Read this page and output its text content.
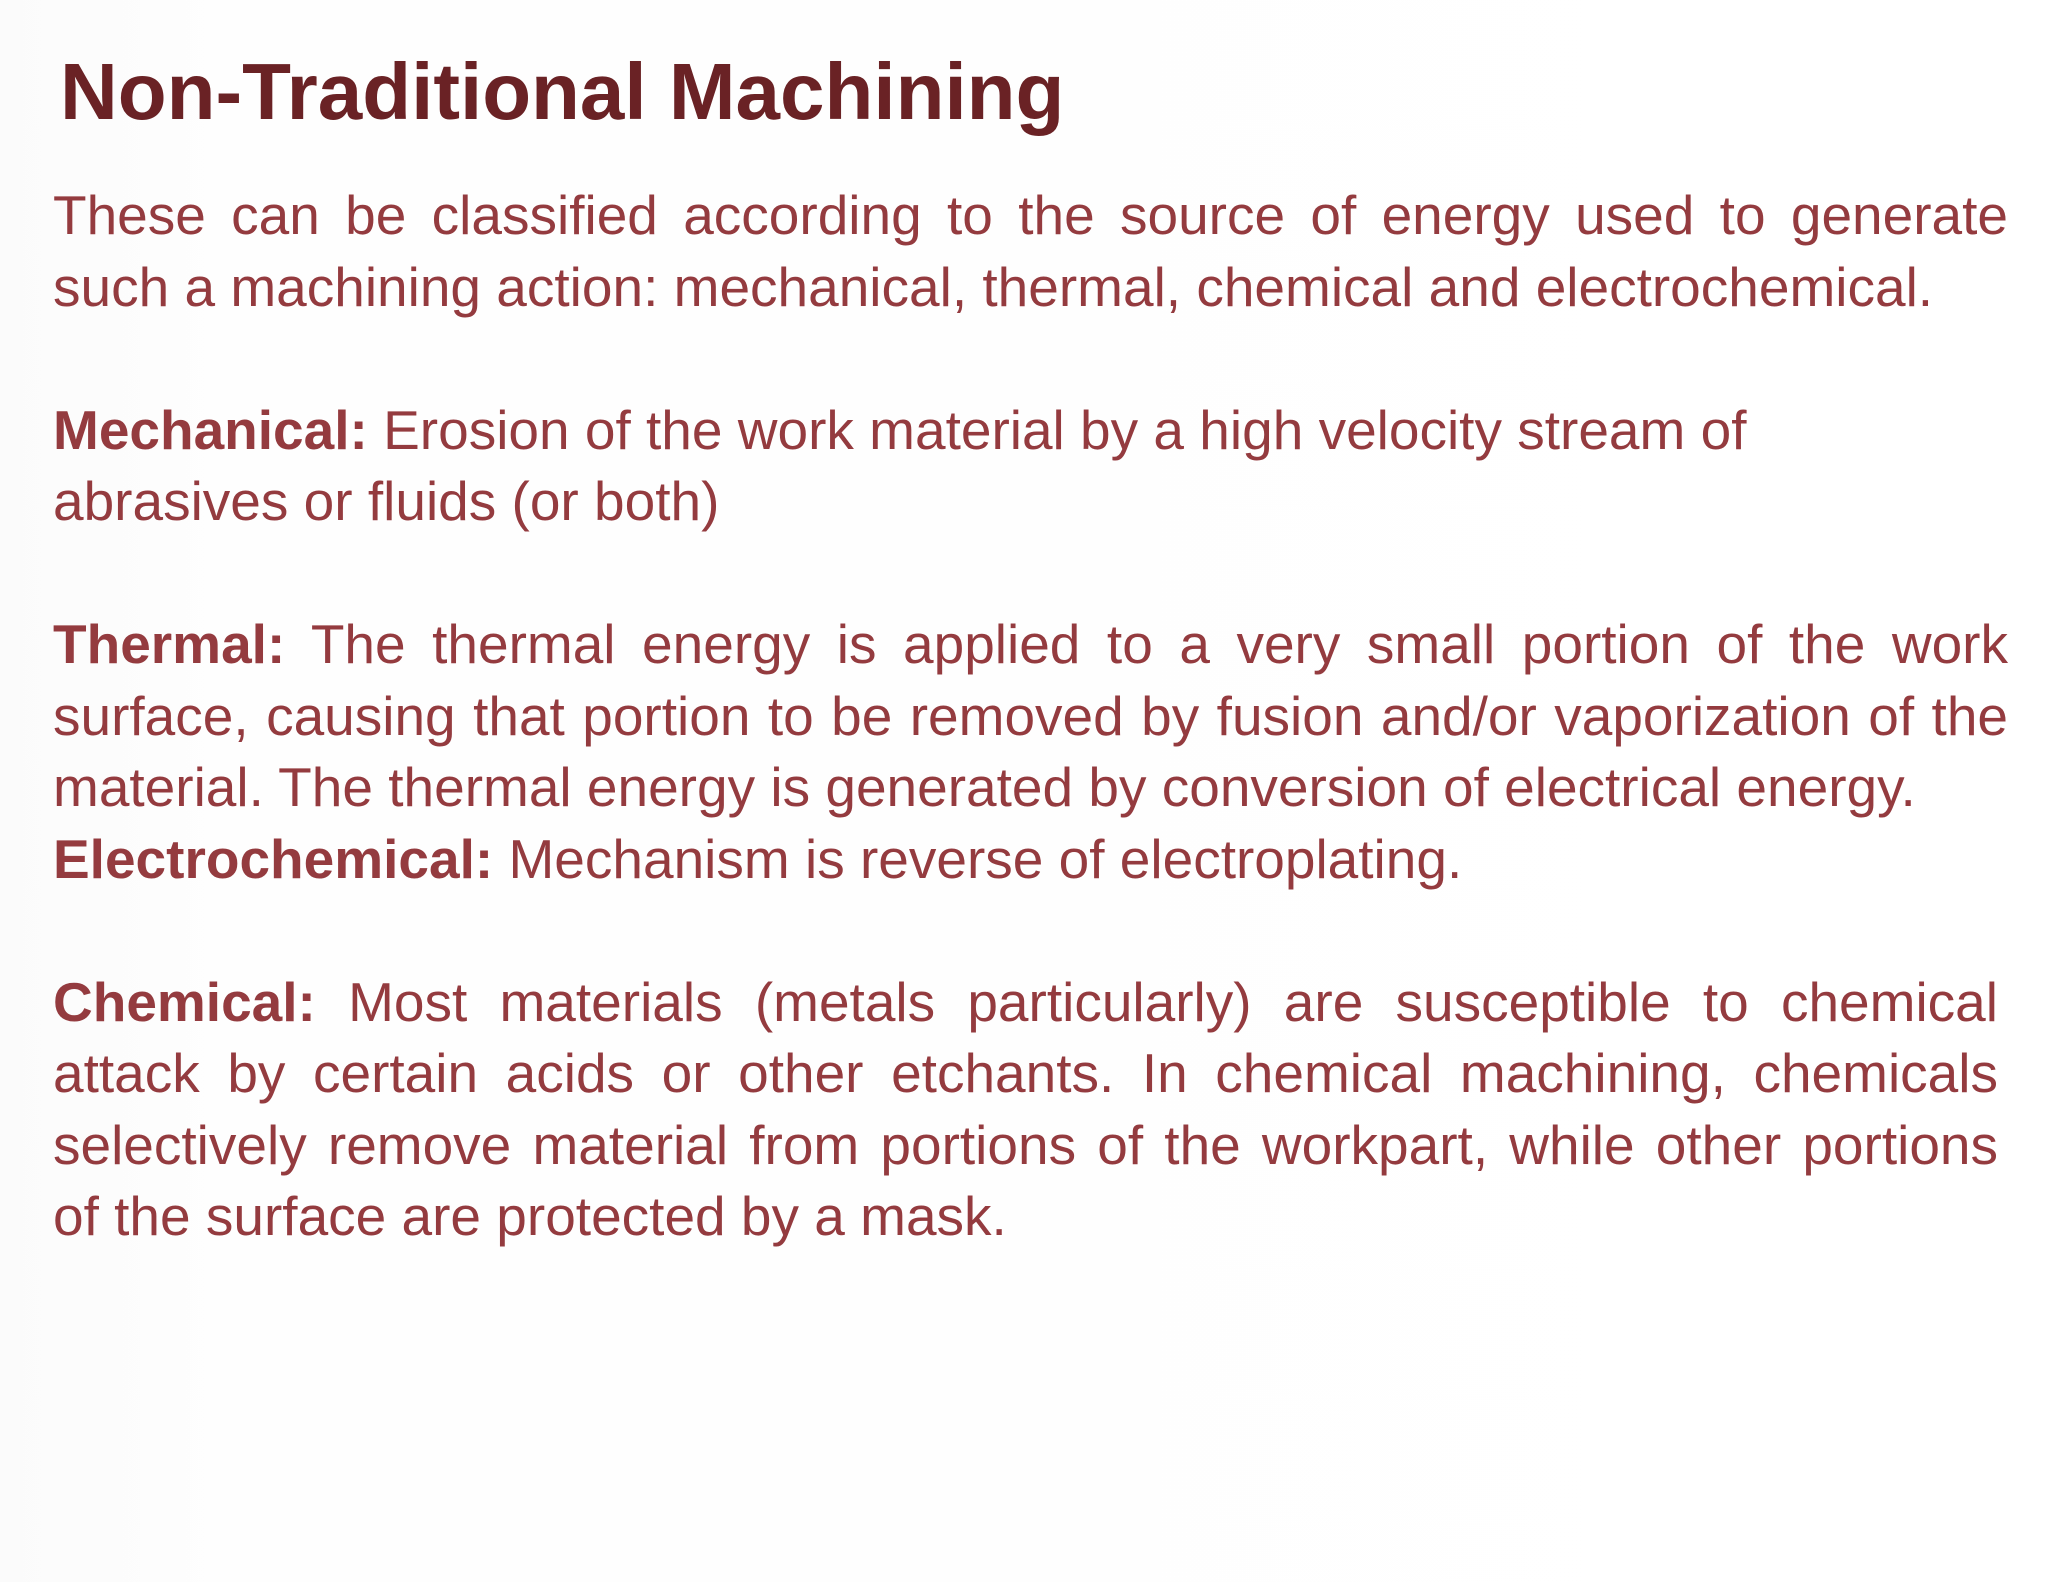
Non-Traditional Machining

These can be classified according to the source of energy used to generate such a machining action: mechanical, thermal, chemical and electrochemical.

Mechanical: Erosion of the work material by a high velocity stream of abrasives or fluids (or both)

Thermal: The thermal energy is applied to a very small portion of the work surface, causing that portion to be removed by fusion and/or vaporization of the material. The thermal energy is generated by conversion of electrical energy.

Electrochemical: Mechanism is reverse of electroplating.

Chemical: Most materials (metals particularly) are susceptible to chemical attack by certain acids or other etchants. In chemical machining, chemicals selectively remove material from portions of the workpart, while other portions of the surface are protected by a mask.
